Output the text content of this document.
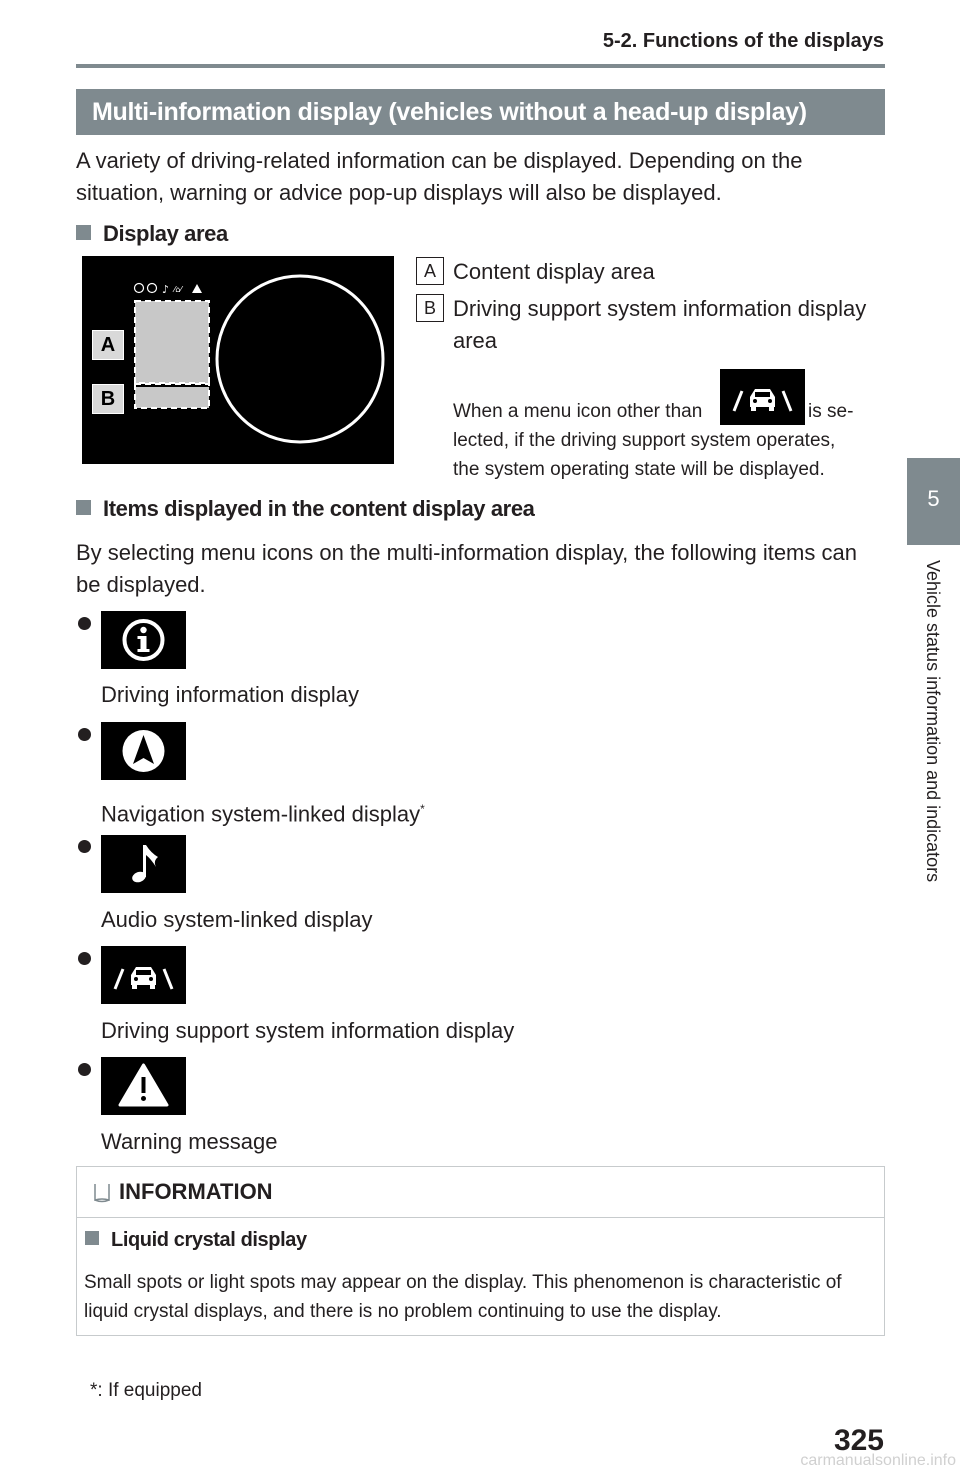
5-2. Functions of the displays
Multi-information display (vehicles without a head-up display)
A variety of driving-related information can be displayed. Depending on the
situation, warning or advice pop-up displays will also be displayed.
Display area
♪ ⁄⌂⁄
A
B
A Content display area
B Driving support system information display
area
When a menu icon other than	is se-
lected, if the driving support system operates,
the system operating state will be displayed.
Items displayed in the content display area
By selecting menu icons on the multi-information display, the following items can
be displayed.
Driving information display
Navigation system-linked display*
Audio system-linked display
Driving support system information display
Warning message
INFORMATION
Liquid crystal display
Small spots or light spots may appear on the display. This phenomenon is characteristic of
liquid crystal displays, and there is no problem continuing to use the display.
*: If equipped
325
5
Vehicle status information and indicators
carmanualsonline.info
